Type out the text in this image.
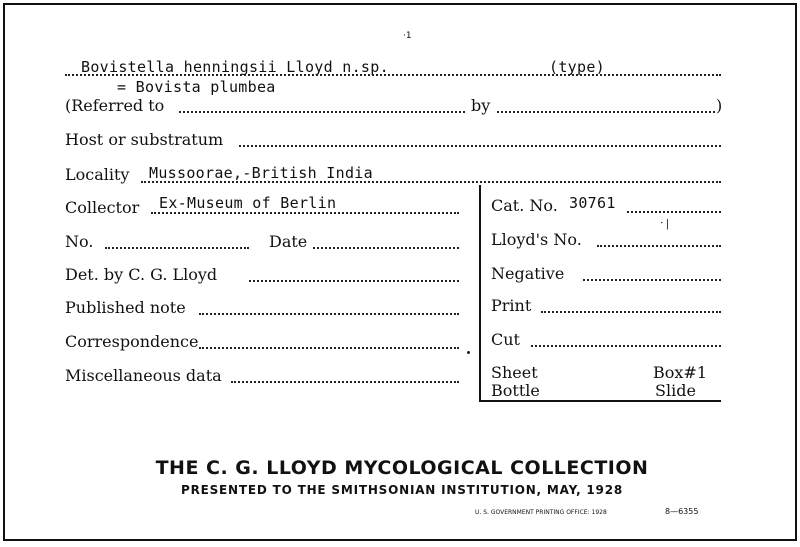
·1
Bovistella henningsii Lloyd n.sp.	(type)
= Bovista plumbea
(Referred to	by	)
Host or substratum
Locality Mussoorae,-British India
Collector Ex-Museum of Berlin	Cat. No. 30761
No.	Date	Lloyd's No.
˙⁄
Det. by C. G. Lloyd	Negative
Published note	Print
Correspondence	Cut
Miscellaneous data	Sheet	Box#1
Bottle	Slide
THE C. G. LLOYD MYCOLOGICAL COLLECTION
PRESENTED TO THE SMITHSONIAN INSTITUTION, MAY, 1928
U. S. GOVERNMENT PRINTING OFFICE: 1928	8—6355
